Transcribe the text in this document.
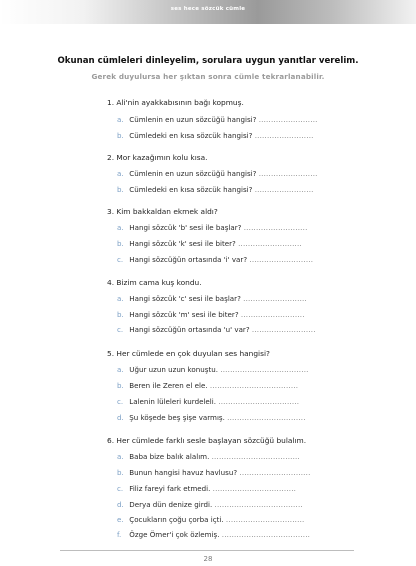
ses hece sözcük cümle
Okunan cümleleri dinleyelim, sorulara uygun yanıtlar verelim.
Gerek duyulursa her şıktan sonra cümle tekrarlanabilir.
1. Ali'nin ayakkabısının bağı kopmuş.
a. Cümlenin en uzun sözcüğü hangisi? ........................
b. Cümledeki en kısa sözcük hangisi? ........................
2. Mor kazağımın kolu kısa.
a. Cümlenin en uzun sözcüğü hangisi? ........................
b. Cümledeki en kısa sözcük hangisi? ........................
3. Kim bakkaldan ekmek aldı?
a. Hangi sözcük 'b' sesi ile başlar? ..........................
b. Hangi sözcük 'k' sesi ile biter? ..........................
c. Hangi sözcüğün ortasında 'i' var? ..........................
4. Bizim cama kuş kondu.
a. Hangi sözcük 'c' sesi ile başlar? ..........................
b. Hangi sözcük 'm' sesi ile biter? ..........................
c. Hangi sözcüğün ortasında 'u' var? ..........................
5. Her cümlede en çok duyulan ses hangisi?
a. Uğur uzun uzun konuştu. ....................................
b. Beren ile Zeren el ele. ....................................
c. Lalenin lüleleri kurdeleli. .................................
d. Şu köşede beş şişe varmış. ................................
6. Her cümlede farklı sesle başlayan sözcüğü bulalım.
a. Baba bize balık alalım. ....................................
b. Bunun hangisi havuz havlusu? .............................
c. Filiz fareyi fark etmedi. ..................................
d. Derya dün denize girdi. ....................................
e. Çocukların çoğu çorba içti. ................................
f. Özge Ömer'i çok özlemiş. ....................................
28
